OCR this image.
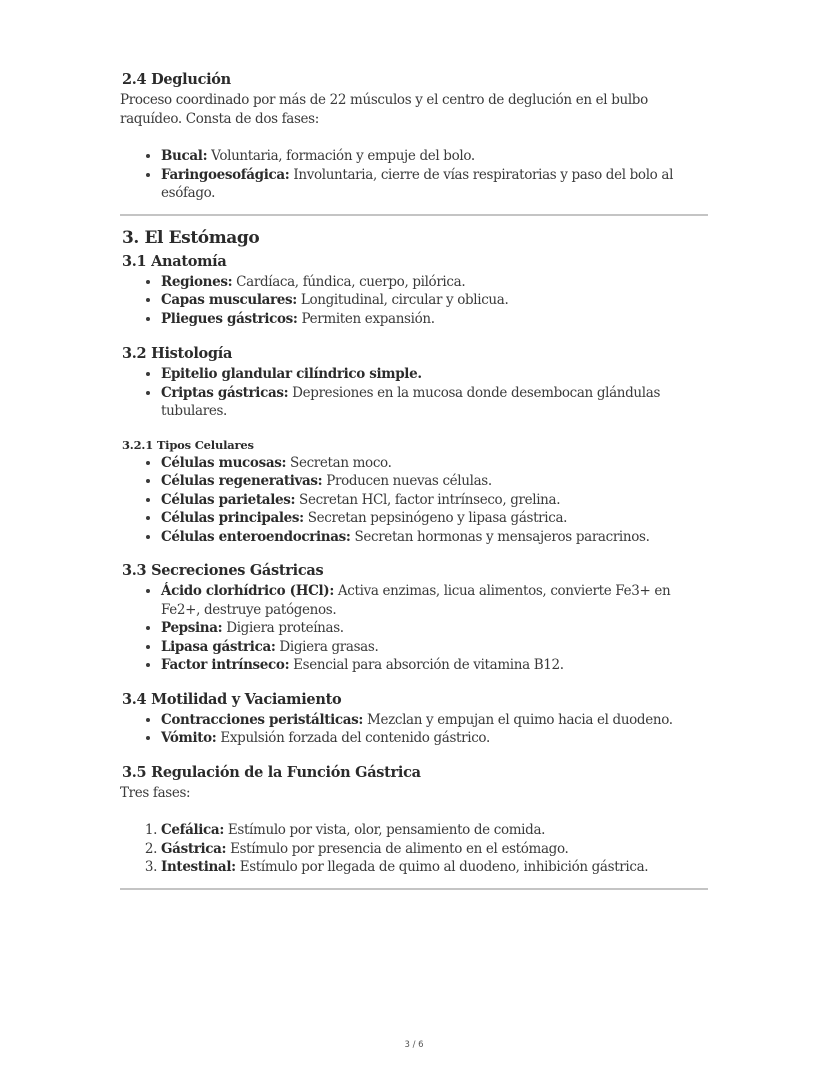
2.4 Deglución

Proceso coordinado por más de 22 músculos y el centro de deglución en el bulbo raquídeo. Consta de dos fases:

• Bucal: Voluntaria, formación y empuje del bolo.
• Faringoesofágica: Involuntaria, cierre de vías respiratorias y paso del bolo al esófago.
3. El Estómago
3.1 Anatomía
• Regiones: Cardíaca, fúndica, cuerpo, pilórica.
• Capas musculares: Longitudinal, circular y oblicua.
• Pliegues gástricos: Permiten expansión.
3.2 Histología
• Epitelio glandular cilíndrico simple.
• Criptas gástricas: Depresiones en la mucosa donde desembocan glándulas tubulares.
3.2.1 Tipos Celulares
• Células mucosas: Secretan moco.
• Células regenerativas: Producen nuevas células.
• Células parietales: Secretan HCl, factor intrínseco, grelina.
• Células principales: Secretan pepsinógeno y lipasa gástrica.
• Células enteroendocrinas: Secretan hormonas y mensajeros paracrinos.
3.3 Secreciones Gástricas
• Ácido clorhídrico (HCl): Activa enzimas, licua alimentos, convierte Fe3+ en Fe2+, destruye patógenos.
• Pepsina: Digiera proteínas.
• Lipasa gástrica: Digiera grasas.
• Factor intrínseco: Esencial para absorción de vitamina B12.
3.4 Motilidad y Vaciamiento
• Contracciones peristálticas: Mezclan y empujan el quimo hacia el duodeno.
• Vómito: Expulsión forzada del contenido gástrico.
3.5 Regulación de la Función Gástrica

Tres fases:

1. Cefálica: Estímulo por vista, olor, pensamiento de comida.
2. Gástrica: Estímulo por presencia de alimento en el estómago.
3. Intestinal: Estímulo por llegada de quimo al duodeno, inhibición gástrica.
3 / 6
